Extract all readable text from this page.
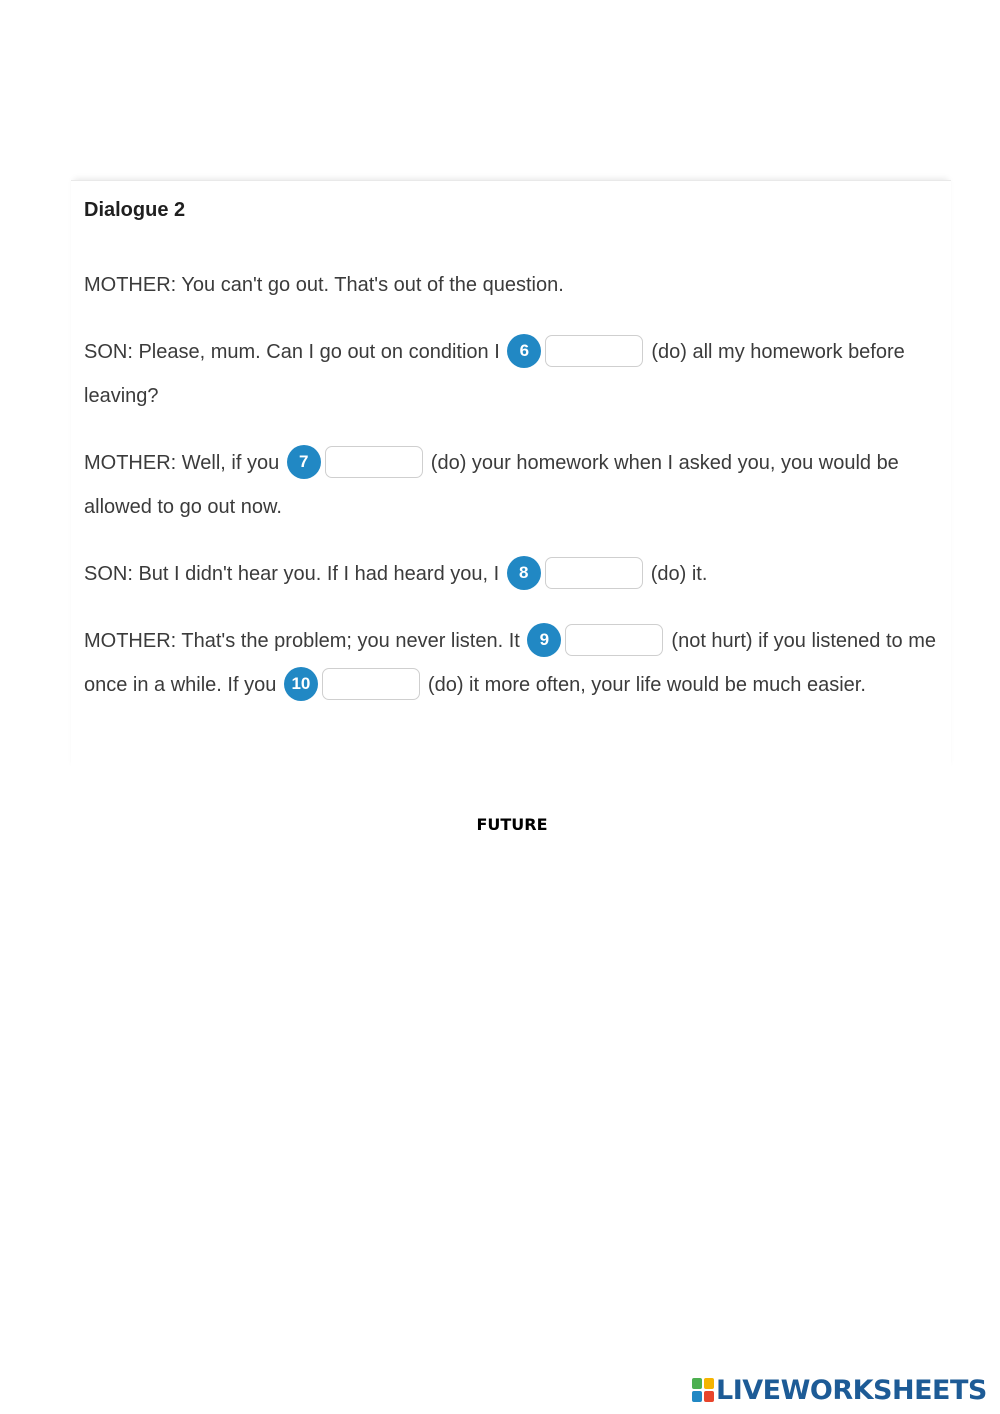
Dialogue 2

MOTHER: You can't go out. That's out of the question.

SON: Please, mum. Can I go out on condition I 6	(do) all my homework before leaving?

MOTHER: Well, if you 7	(do) your homework when I asked you, you would be allowed to go out now.

SON: But I didn't hear you. If I had heard you, I 8	(do) it.

MOTHER: That's the problem; you never listen. It 9	(not hurt) if you listened to me once in a while. If you 10	(do) it more often, your life would be much easier.

FUTURE
LIVEWORKSHEETS
